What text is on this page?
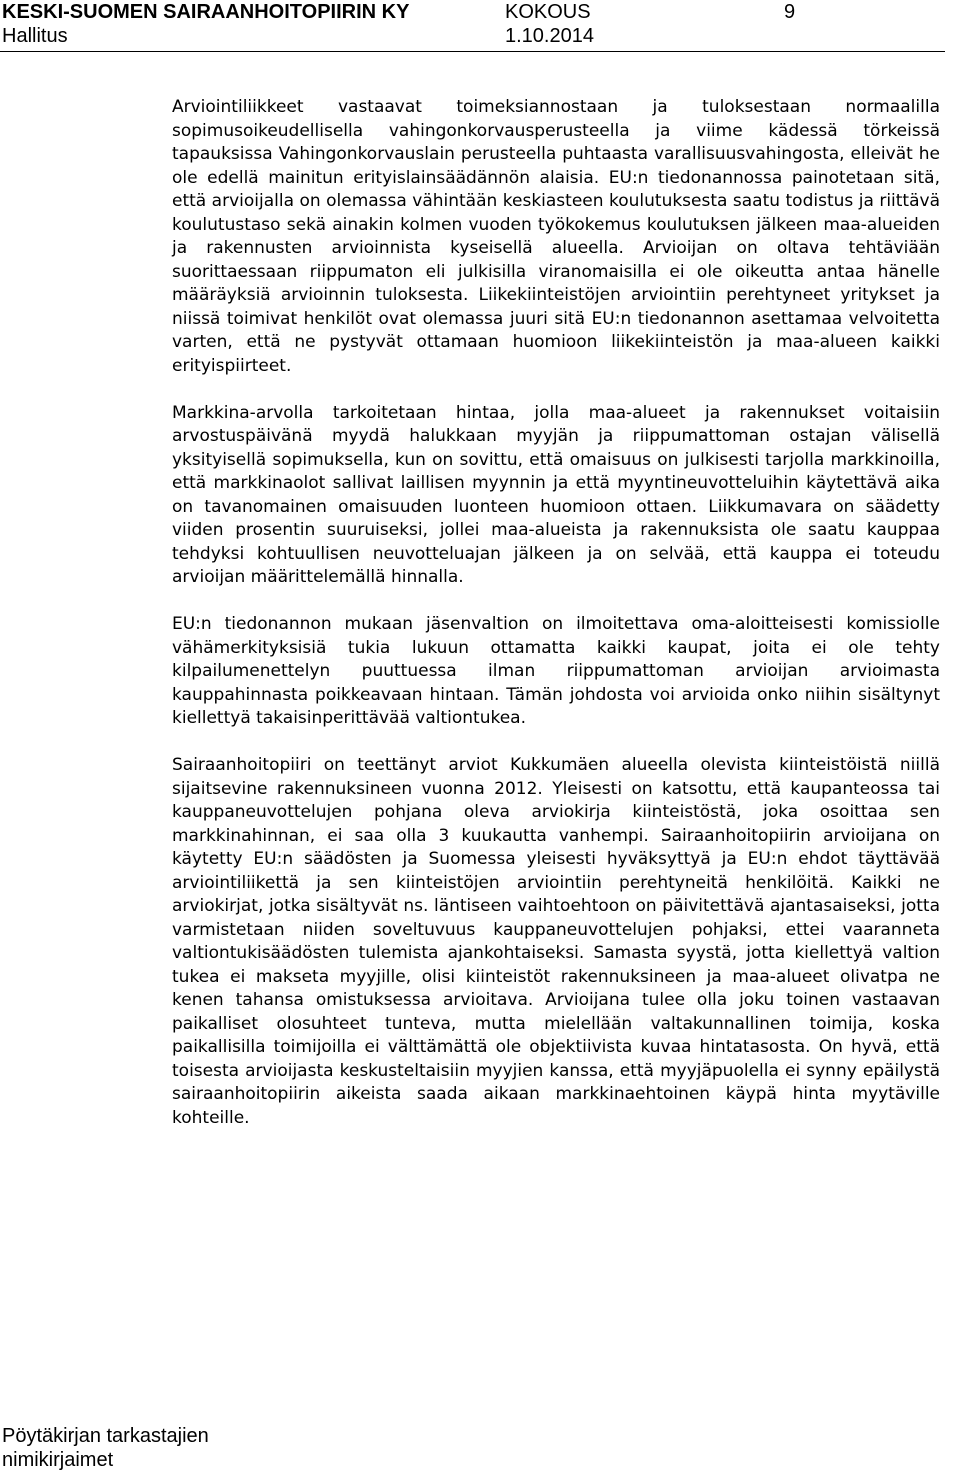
KESKI-SUOMEN SAIRAANHOITOPIIRIN KY	KOKOUS	9
Hallitus	1.10.2014

Arviointiliikkeet vastaavat toimeksiannostaan ja tuloksestaan normaalilla sopimusoikeudellisella vahingonkorvausperusteella ja viime kädessä törkeissä tapauksissa Vahingonkorvauslain perusteella puhtaasta varallisuusvahingosta, elleivät he ole edellä mainitun erityislainsäädännön alaisia. EU:n tiedonannossa painotetaan sitä, että arvioijalla on olemassa vähintään keskiasteen koulutuksesta saatu todistus ja riittävä koulutustaso sekä ainakin kolmen vuoden työkokemus koulutuksen jälkeen maa-alueiden ja rakennusten arvioinnista kyseisellä alueella. Arvioijan on oltava tehtäviään suorittaessaan riippumaton eli julkisilla viranomaisilla ei ole oikeutta antaa hänelle määräyksiä arvioinnin tuloksesta. Liikekiinteistöjen arviointiin perehtyneet yritykset ja niissä toimivat henkilöt ovat olemassa juuri sitä EU:n tiedonannon asettamaa velvoitetta varten, että ne pystyvät ottamaan huomioon liikekiinteistön ja maa-alueen kaikki erityispiirteet.

Markkina-arvolla tarkoitetaan hintaa, jolla maa-alueet ja rakennukset voitaisiin arvostuspäivänä myydä halukkaan myyjän ja riippumattoman ostajan välisellä yksityisellä sopimuksella, kun on sovittu, että omaisuus on julkisesti tarjolla markkinoilla, että markkinaolot sallivat laillisen myynnin ja että myyntineuvotteluihin käytettävä aika on tavanomainen omaisuuden luonteen huomioon ottaen. Liikkumavara on säädetty viiden prosentin suuruiseksi, jollei maa-alueista ja rakennuksista ole saatu kauppaa tehdyksi kohtuullisen neuvotteluajan jälkeen ja on selvää, että kauppa ei toteudu arvioijan määrittelemällä hinnalla.

EU:n tiedonannon mukaan jäsenvaltion on ilmoitettava oma-aloitteisesti komissiolle vähämerkityksisiä tukia lukuun ottamatta kaikki kaupat, joita ei ole tehty kilpailumenettelyn puuttuessa ilman riippumattoman arvioijan arvioimasta kauppahinnasta poikkeavaan hintaan. Tämän johdosta voi arvioida onko niihin sisältynyt kiellettyä takaisinperittävää valtiontukea.

Sairaanhoitopiiri on teettänyt arviot Kukkumäen alueella olevista kiinteistöistä niillä sijaitsevine rakennuksineen vuonna 2012. Yleisesti on katsottu, että kaupanteossa tai kauppaneuvottelujen pohjana oleva arviokirja kiinteistöstä, joka osoittaa sen markkinahinnan, ei saa olla 3 kuukautta vanhempi. Sairaanhoitopiirin arvioijana on käytetty EU:n säädösten ja Suomessa yleisesti hyväksyttyä ja EU:n ehdot täyttävää arviointiliikettä ja sen kiinteistöjen arviointiin perehtyneitä henkilöitä. Kaikki ne arviokirjat, jotka sisältyvät ns. läntiseen vaihtoehtoon on päivitettävä ajantasaiseksi, jotta varmistetaan niiden soveltuvuus kauppaneuvottelujen pohjaksi, ettei vaaranneta valtiontukisäädösten tulemista ajankohtaiseksi. Samasta syystä, jotta kiellettyä valtion tukea ei makseta myyjille, olisi kiinteistöt rakennuksineen ja maa-alueet olivatpa ne kenen tahansa omistuksessa arvioitava. Arvioijana tulee olla joku toinen vastaavan paikalliset olosuhteet tunteva, mutta mielellään valtakunnallinen toimija, koska paikallisilla toimijoilla ei välttämättä ole objektiivista kuvaa hintatasosta. On hyvä, että toisesta arvioijasta keskusteltaisiin myyjien kanssa, että myyjäpuolella ei synny epäilystä sairaanhoitopiirin aikeista saada aikaan markkinaehtoinen käypä hinta myytäville kohteille.

Pöytäkirjan tarkastajien
nimikirjaimet
